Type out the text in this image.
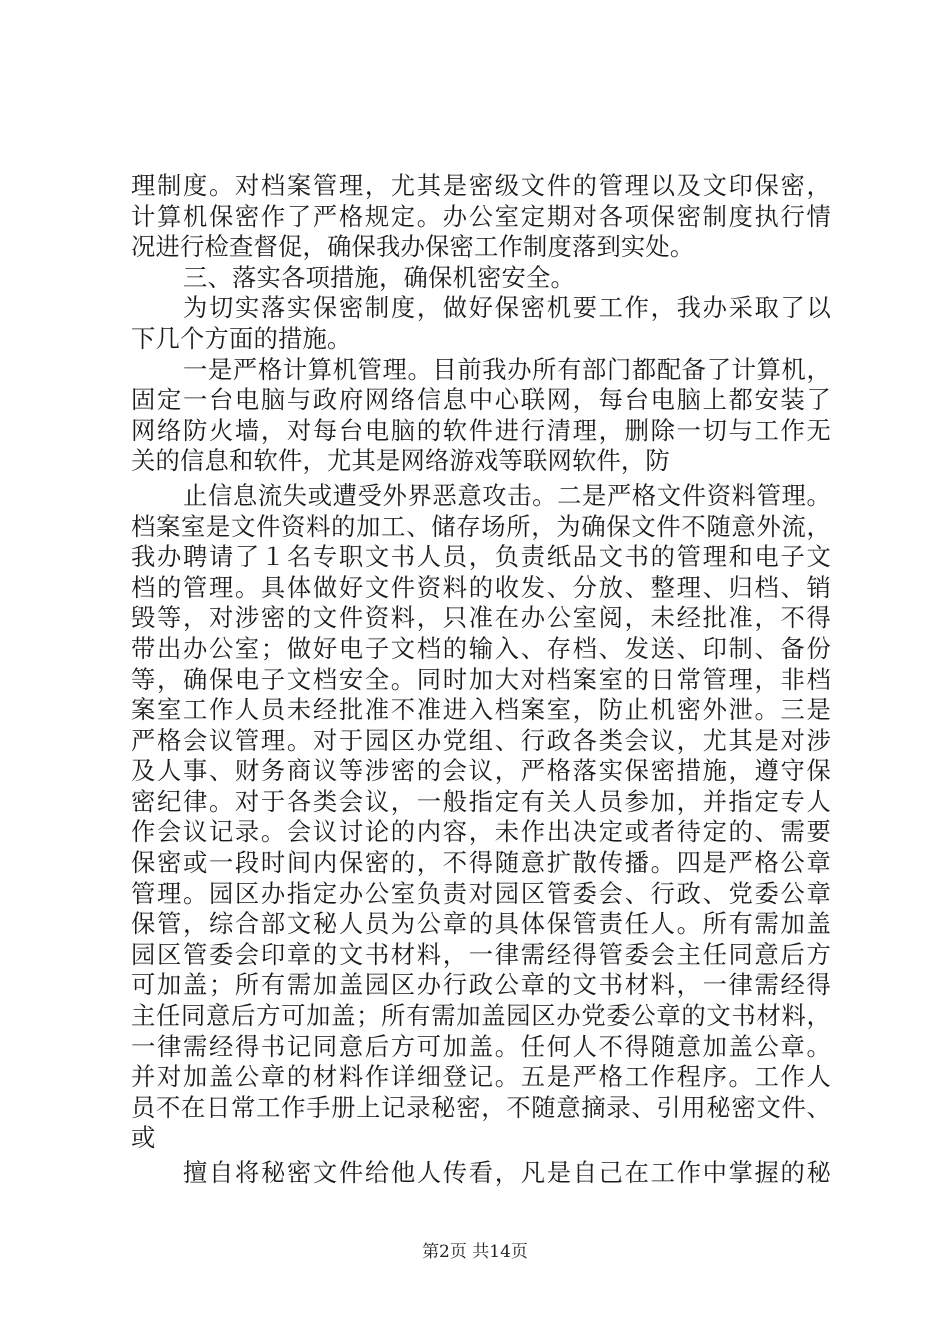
理制度。对档案管理，尤其是密级文件的管理以及文印保密，
计算机保密作了严格规定。办公室定期对各项保密制度执行情
况进行检查督促，确保我办保密工作制度落到实处。
三、落实各项措施，确保机密安全。
为切实落实保密制度，做好保密机要工作，我办采取了以
下几个方面的措施。
一是严格计算机管理。目前我办所有部门都配备了计算机，
固定一台电脑与政府网络信息中心联网，每台电脑上都安装了
网络防火墙，对每台电脑的软件进行清理，删除一切与工作无
关的信息和软件，尤其是网络游戏等联网软件，防
止信息流失或遭受外界恶意攻击。二是严格文件资料管理。
档案室是文件资料的加工、储存场所，为确保文件不随意外流，
我办聘请了１名专职文书人员，负责纸品文书的管理和电子文
档的管理。具体做好文件资料的收发、分放、整理、归档、销
毁等，对涉密的文件资料，只准在办公室阅，未经批准，不得
带出办公室；做好电子文档的输入、存档、发送、印制、备份
等，确保电子文档安全。同时加大对档案室的日常管理，非档
案室工作人员未经批准不准进入档案室，防止机密外泄。三是
严格会议管理。对于园区办党组、行政各类会议，尤其是对涉
及人事、财务商议等涉密的会议，严格落实保密措施，遵守保
密纪律。对于各类会议，一般指定有关人员参加，并指定专人
作会议记录。会议讨论的内容，未作出决定或者待定的、需要
保密或一段时间内保密的，不得随意扩散传播。四是严格公章
管理。园区办指定办公室负责对园区管委会、行政、党委公章
保管，综合部文秘人员为公章的具体保管责任人。所有需加盖
园区管委会印章的文书材料，一律需经得管委会主任同意后方
可加盖；所有需加盖园区办行政公章的文书材料，一律需经得
主任同意后方可加盖；所有需加盖园区办党委公章的文书材料，
一律需经得书记同意后方可加盖。任何人不得随意加盖公章。
并对加盖公章的材料作详细登记。五是严格工作程序。工作人
员不在日常工作手册上记录秘密，不随意摘录、引用秘密文件、
或
擅自将秘密文件给他人传看，凡是自己在工作中掌握的秘
第2页 共14页
